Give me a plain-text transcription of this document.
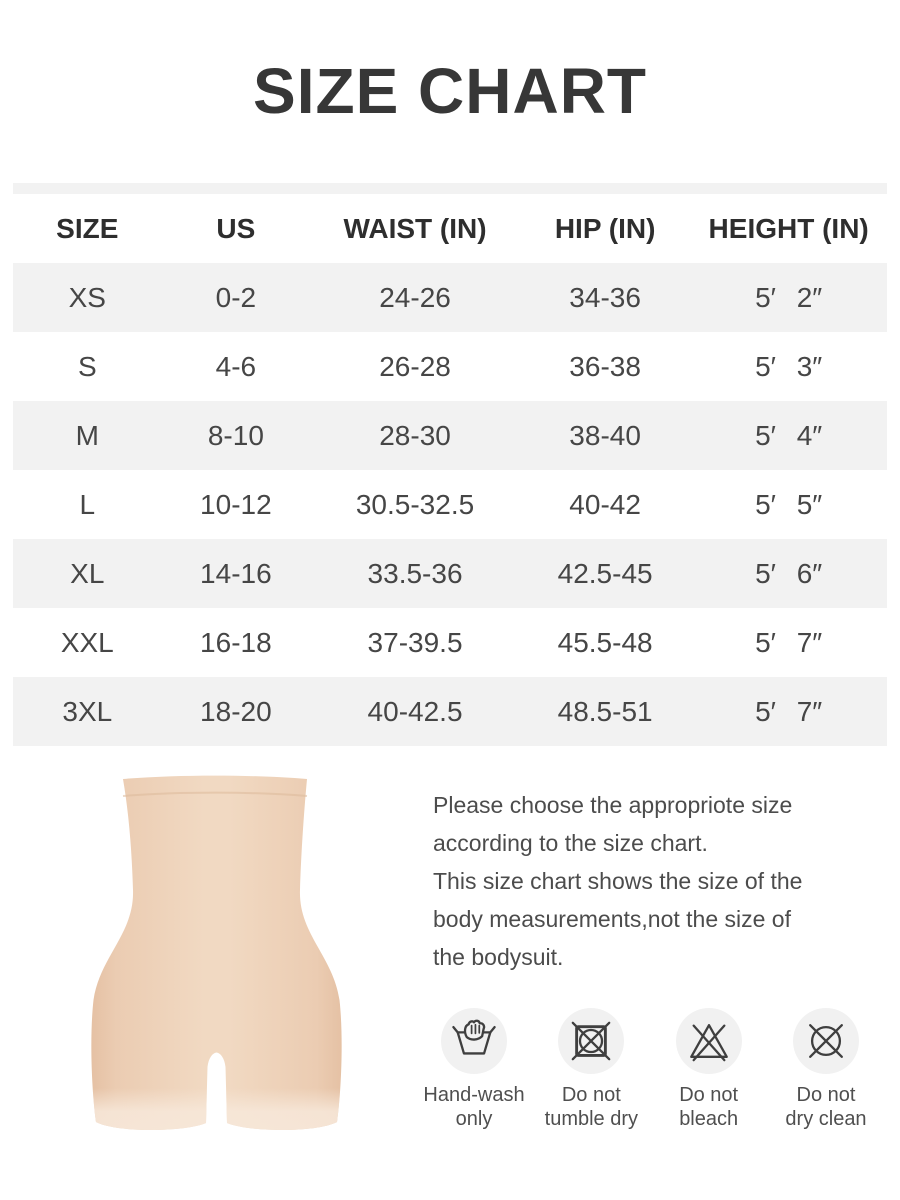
SIZE CHART
SIZE	US	WAIST (IN)	HIP (IN)	HEIGHT (IN)
XS	0-2	24-26	34-36	5′ 2″
S	4-6	26-28	36-38	5′ 3″
M	8-10	28-30	38-40	5′ 4″
L	10-12	30.5-32.5	40-42	5′ 5″
XL	14-16	33.5-36	42.5-45	5′ 6″
XXL	16-18	37-39.5	45.5-48	5′ 7″
3XL	18-20	40-42.5	48.5-51	5′ 7″
Please choose the appropriote size
according to the size chart.
This size chart shows the size of the
body measurements,not the size of
the bodysuit.
Hand-wash
only
Do not
tumble dry
Do not
bleach
Do not
dry clean
